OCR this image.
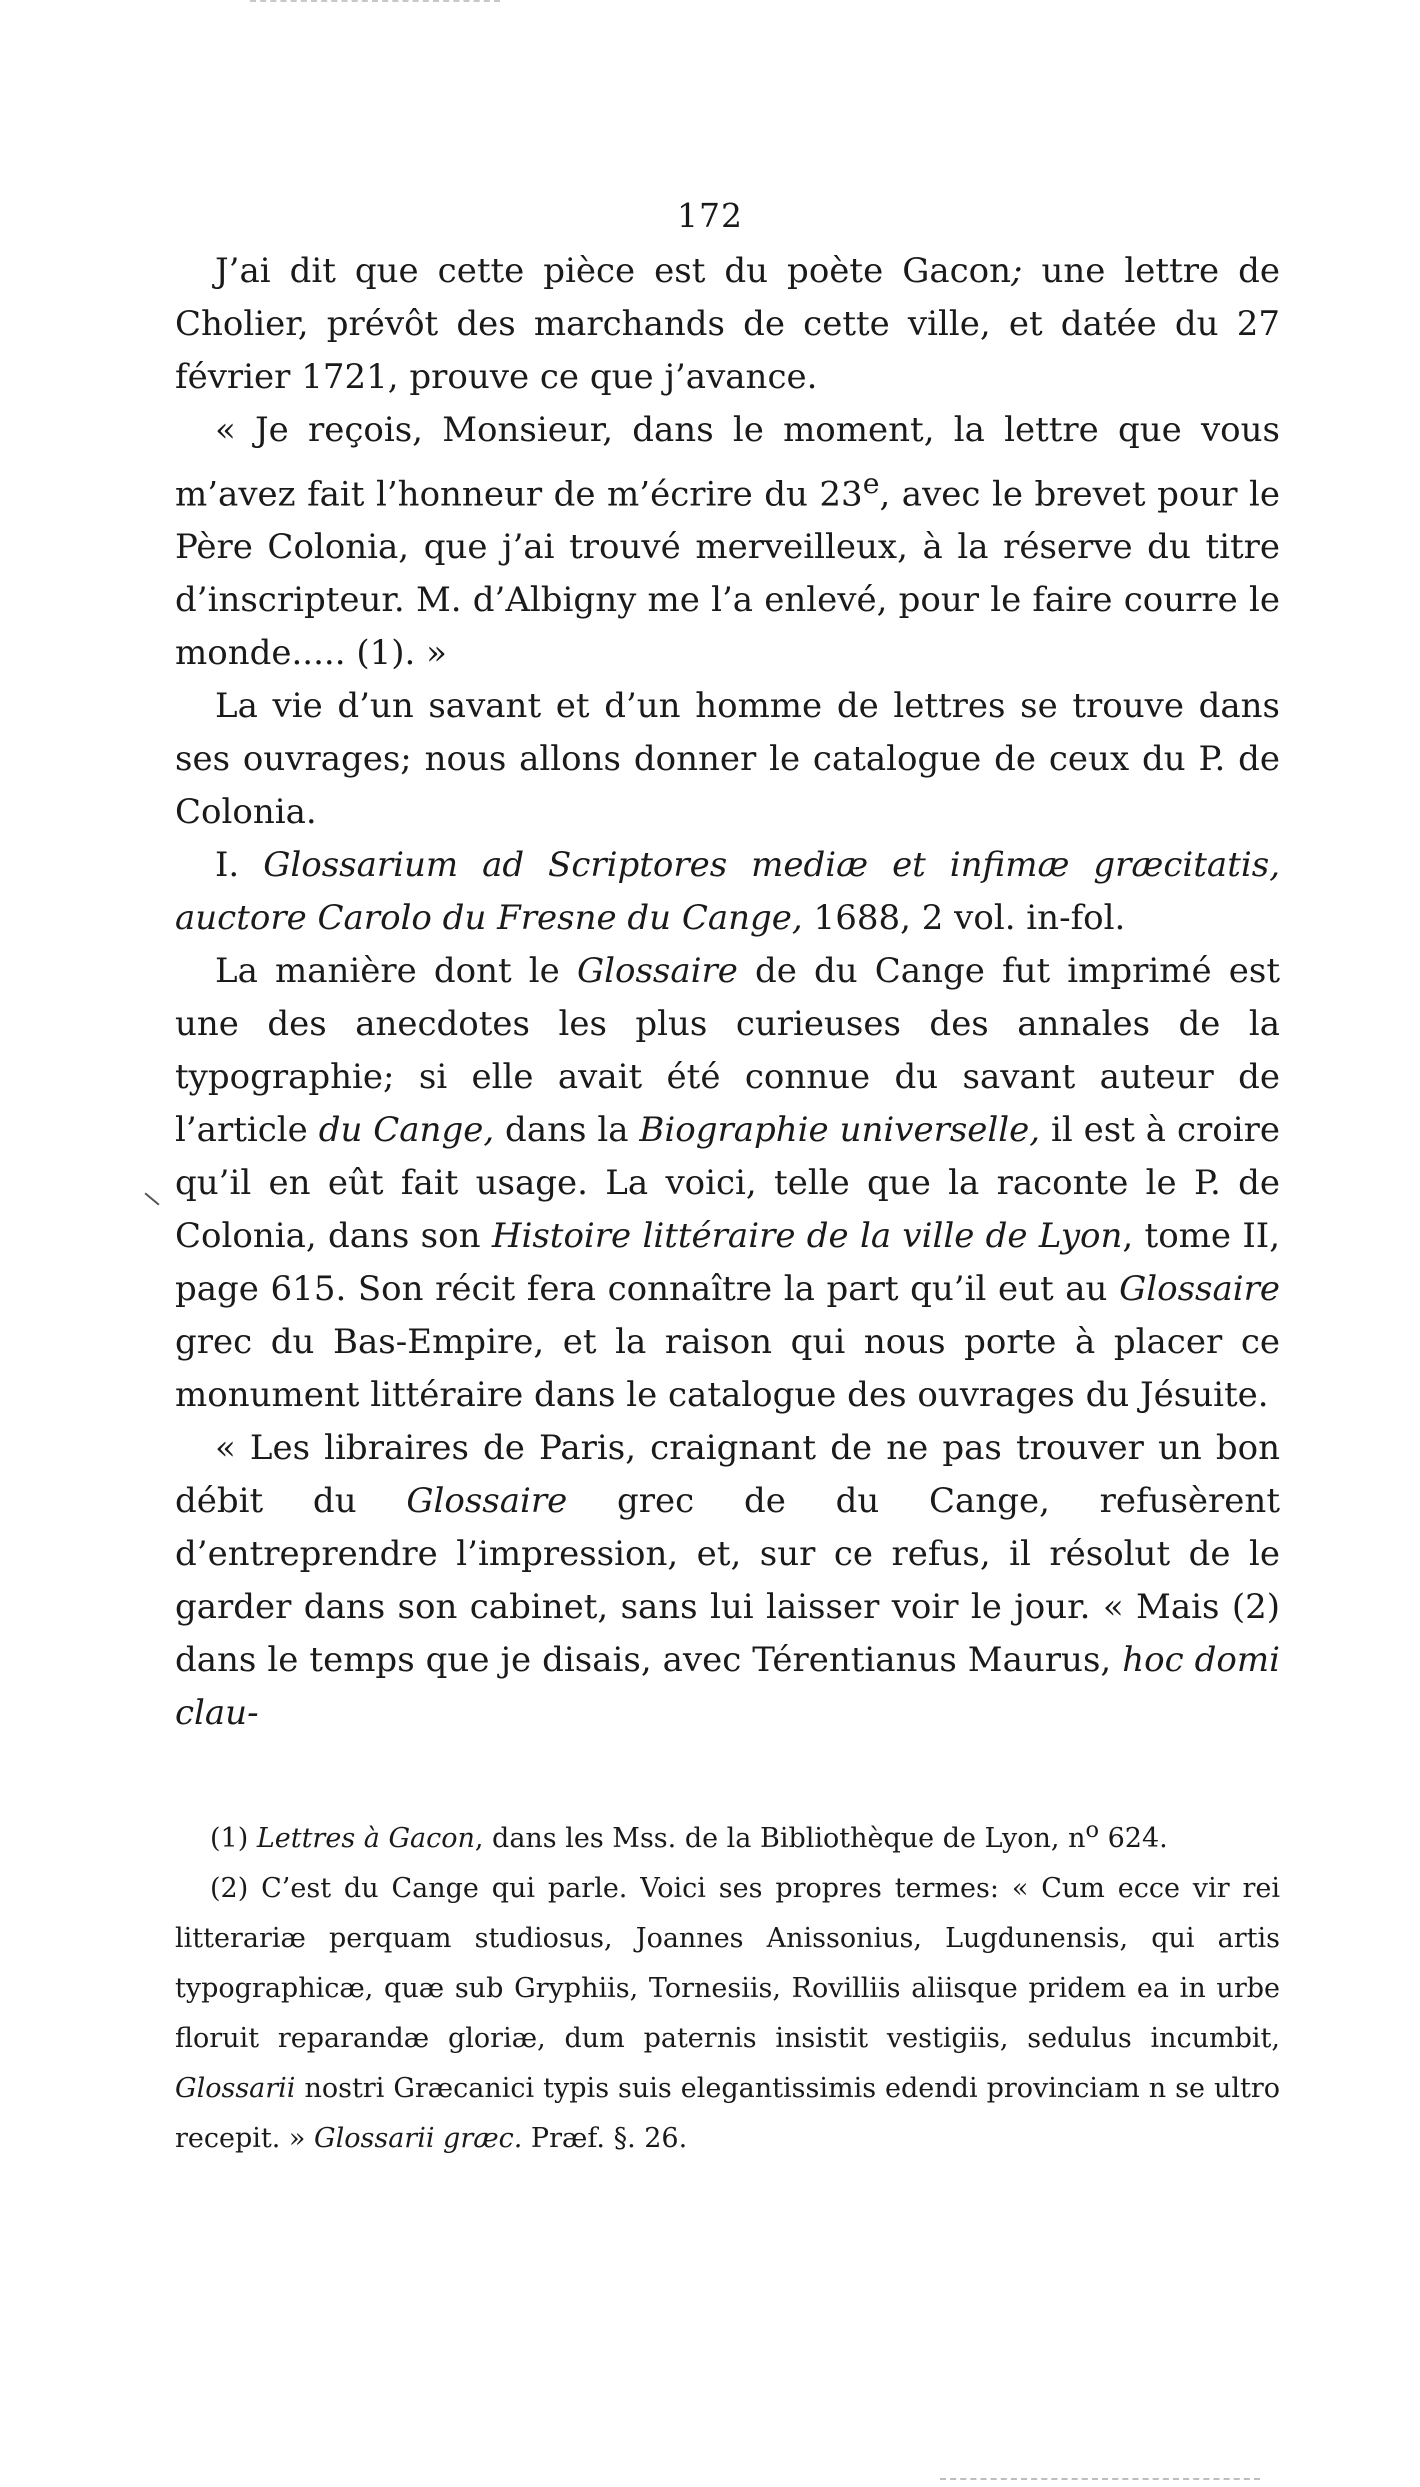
172

J’ai dit que cette pièce est du poète Gacon; une lettre de Cholier, prévôt des marchands de cette ville, et datée du 27 février 1721, prouve ce que j’avance.

« Je reçois, Monsieur, dans le moment, la lettre que vous m’avez fait l’honneur de m’écrire du 23e, avec le brevet pour le Père Colonia, que j’ai trouvé merveilleux, à la réserve du titre d’inscripteur. M. d’Albigny me l’a enlevé, pour le faire courre le monde..... (1). »

La vie d’un savant et d’un homme de lettres se trouve dans ses ouvrages; nous allons donner le catalogue de ceux du P. de Colonia.

I. Glossarium ad Scriptores mediæ et infimæ græcitatis, auctore Carolo du Fresne du Cange, 1688, 2 vol. in-fol.

La manière dont le Glossaire de du Cange fut imprimé est une des anecdotes les plus curieuses des annales de la typographie; si elle avait été connue du savant auteur de l’article du Cange, dans la Biographie universelle, il est à croire qu’il en eût fait usage. La voici, telle que la raconte le P. de Colonia, dans son Histoire littéraire de la ville de Lyon, tome II, page 615. Son récit fera connaître la part qu’il eut au Glossaire grec du Bas-Empire, et la raison qui nous porte à placer ce monument littéraire dans le catalogue des ouvrages du Jésuite.

« Les libraires de Paris, craignant de ne pas trouver un bon débit du Glossaire grec de du Cange, refusèrent d’entreprendre l’impression, et, sur ce refus, il résolut de le garder dans son cabinet, sans lui laisser voir le jour. « Mais (2) dans le temps que je disais, avec Térentianus Maurus, hoc domi clau-

(1) Lettres à Gacon, dans les Mss. de la Bibliothèque de Lyon, $n^o$ 624.

(2) C’est du Cange qui parle. Voici ses propres termes: « Cum ecce vir rei litterariæ perquam studiosus, Joannes Anissonius, Lugdunensis, qui artis typographicæ, quæ sub Gryphiis, Tornesiis, Rovilliis aliisque pridem ea in urbe floruit reparandæ gloriæ, dum paternis insistit vestigiis, sedulus incumbit, Glossarii nostri Græcanici typis suis elegantissimis edendi provinciam n se ultro recepit. » Glossarii græc. Præf. §. 26.
